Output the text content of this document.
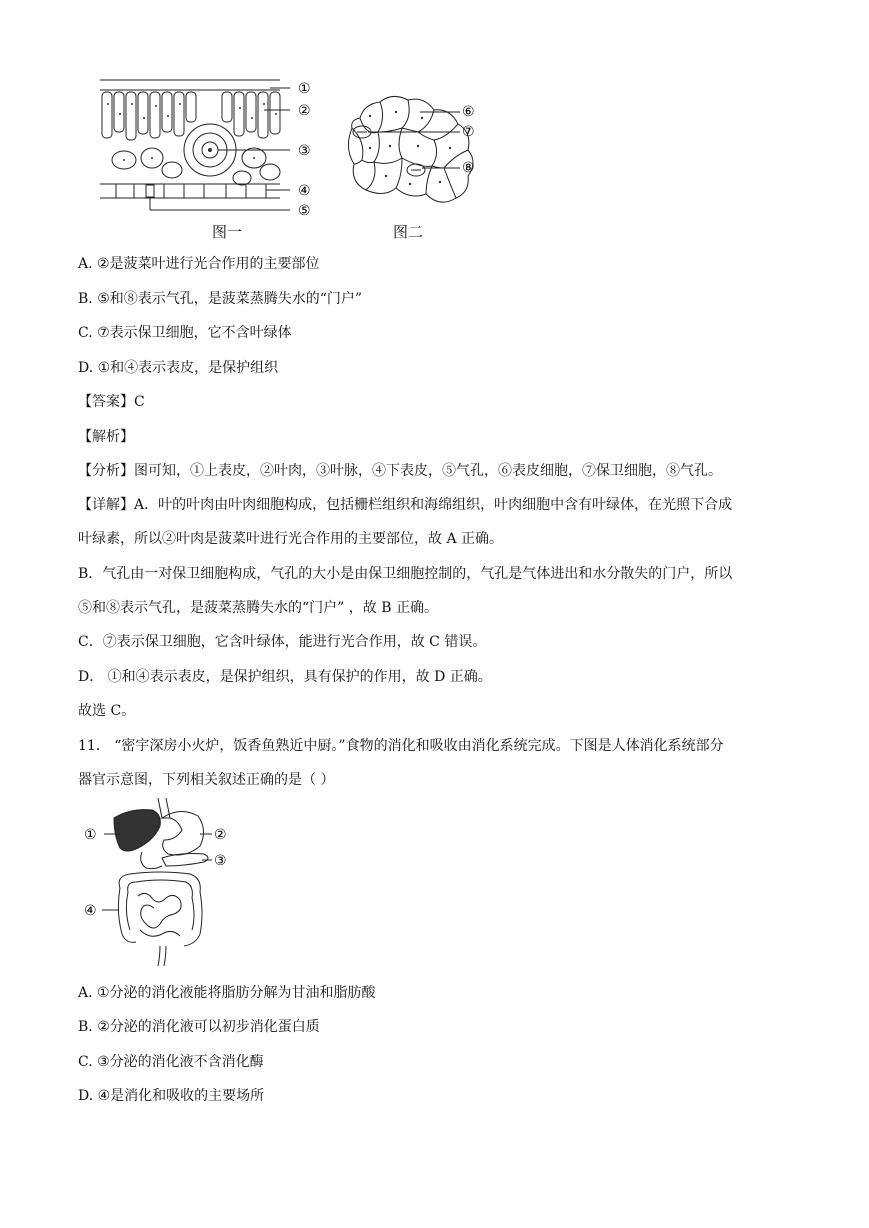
①
②
③
④
⑤
图一
⑥
⑦
⑧
图二
A. ②是菠菜叶进行光合作用的主要部位
B. ⑤和⑧表示气孔，是菠菜蒸腾失水的“门户”
C. ⑦表示保卫细胞，它不含叶绿体
D. ①和④表示表皮，是保护组织
【答案】C
【解析】
【分析】图可知，①上表皮，②叶肉，③叶脉，④下表皮，⑤气孔，⑥表皮细胞，⑦保卫细胞，⑧气孔。
【详解】A．叶的叶肉由叶肉细胞构成，包括栅栏组织和海绵组织，叶肉细胞中含有叶绿体，在光照下合成
叶绿素，所以②叶肉是菠菜叶进行光合作用的主要部位，故 A 正确。
B．气孔由一对保卫细胞构成，气孔的大小是由保卫细胞控制的，气孔是气体进出和水分散失的门户，所以
⑤和⑧表示气孔，是菠菜蒸腾失水的“门户” ，故 B 正确。
C．⑦表示保卫细胞，它含叶绿体，能进行光合作用，故 C 错误。
D． ①和④表示表皮，是保护组织，具有保护的作用，故 D 正确。
故选 C。
11． “密宇深房小火炉，饭香鱼熟近中厨。”食物的消化和吸收由消化系统完成。下图是人体消化系统部分
器官示意图，下列相关叙述正确的是（ ）
①	②
③
④
A. ①分泌的消化液能将脂肪分解为甘油和脂肪酸
B. ②分泌的消化液可以初步消化蛋白质
C. ③分泌的消化液不含消化酶
D. ④是消化和吸收的主要场所
